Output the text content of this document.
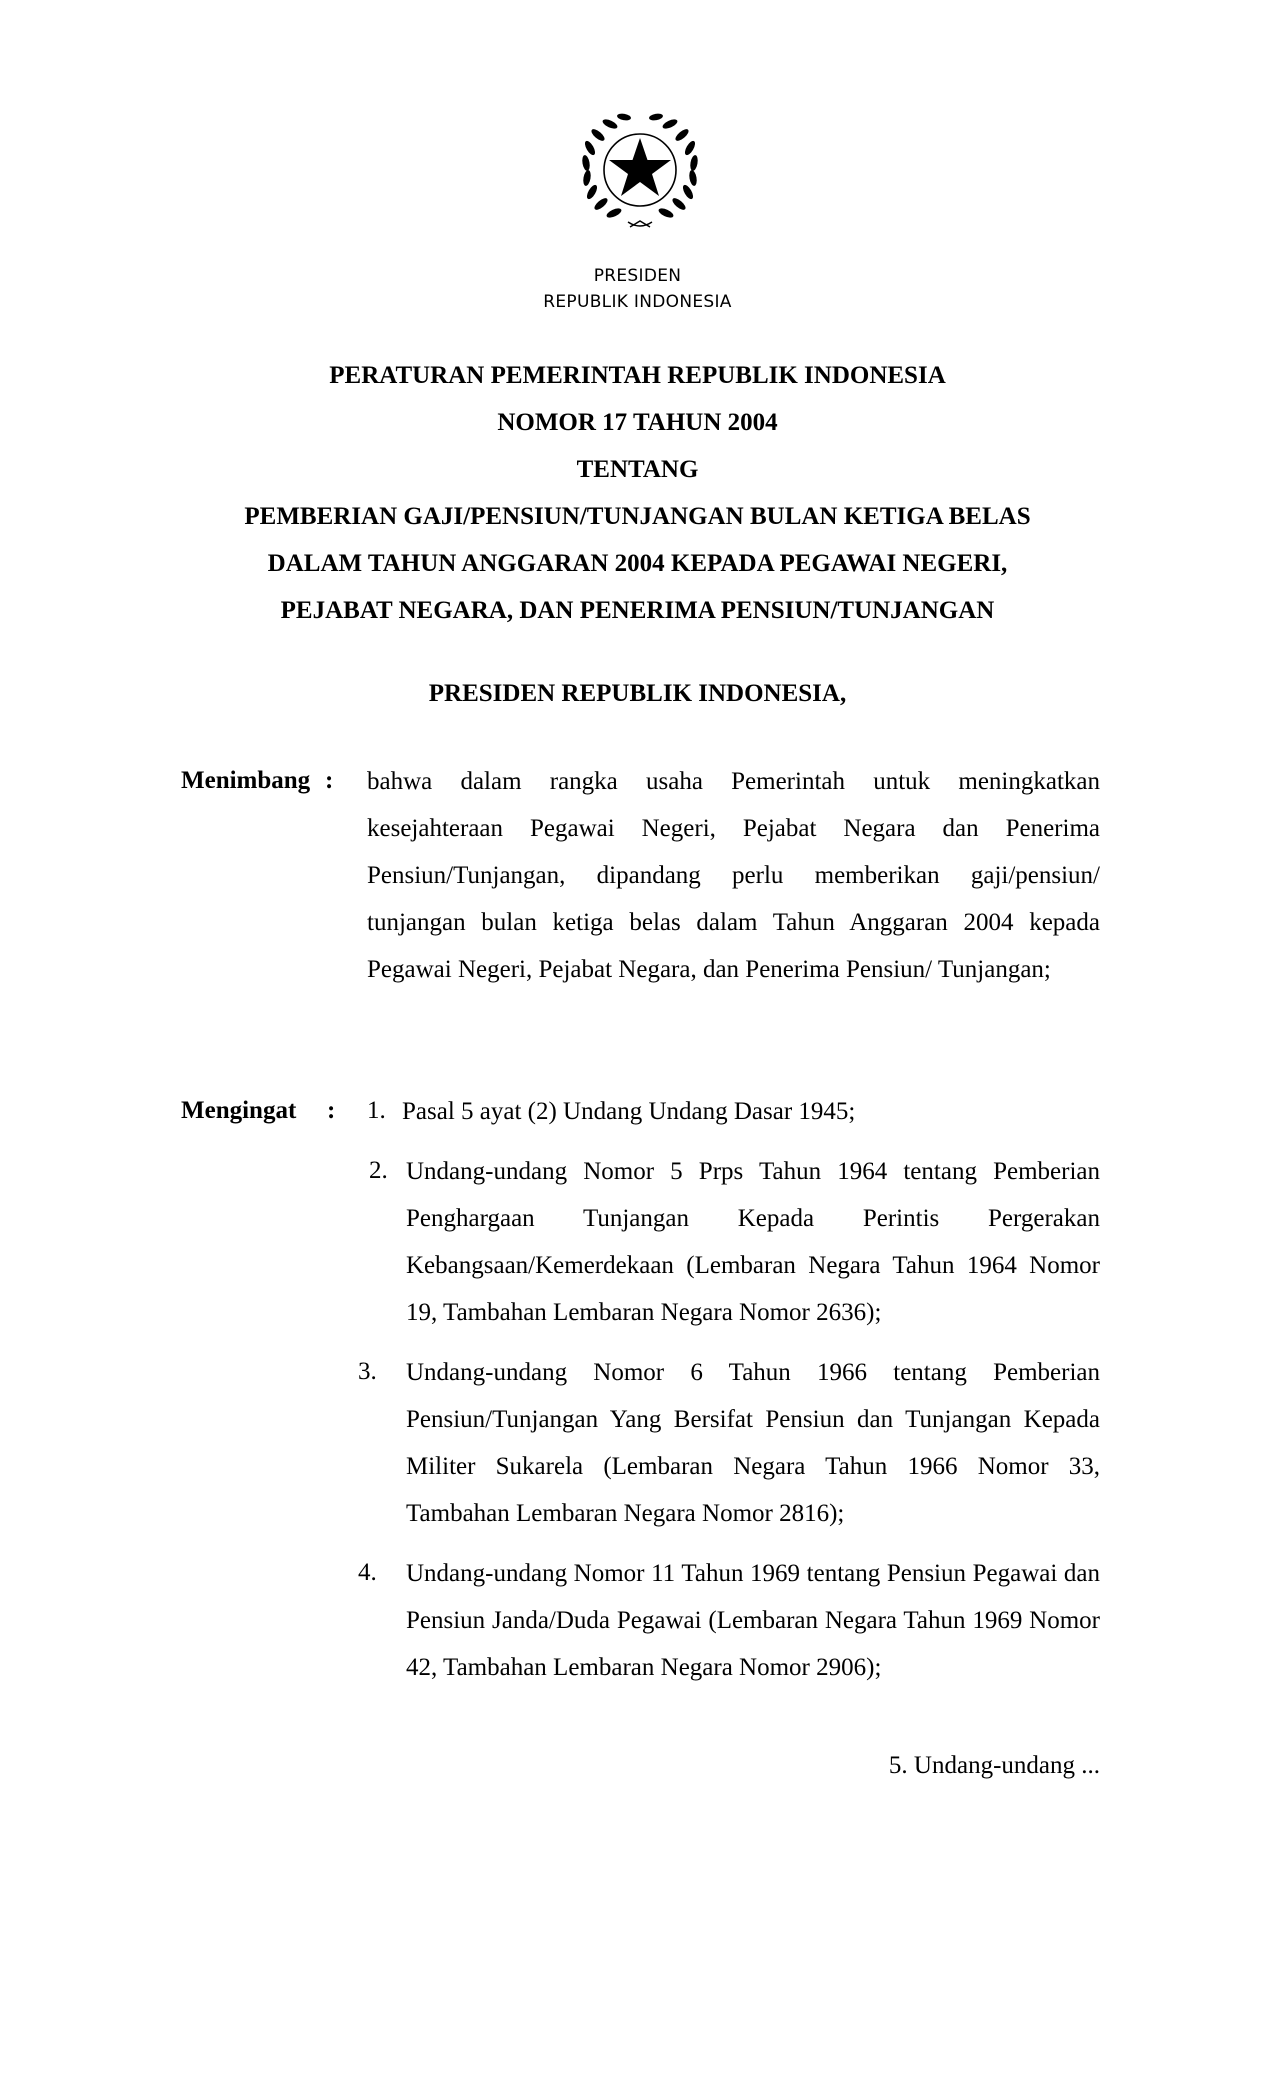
PRESIDEN
REPUBLIK INDONESIA
PERATURAN PEMERINTAH REPUBLIK INDONESIA
NOMOR 17 TAHUN 2004
TENTANG
PEMBERIAN GAJI/PENSIUN/TUNJANGAN BULAN KETIGA BELAS
DALAM TAHUN ANGGARAN 2004 KEPADA PEGAWAI NEGERI,
PEJABAT NEGARA, DAN PENERIMA PENSIUN/TUNJANGAN
PRESIDEN REPUBLIK INDONESIA,
Menimbang : bahwa dalam rangka usaha Pemerintah untuk meningkatkan kesejahteraan Pegawai Negeri, Pejabat Negara dan Penerima Pensiun/Tunjangan, dipandang perlu memberikan gaji/pensiun/ tunjangan bulan ketiga belas dalam Tahun Anggaran 2004 kepada Pegawai Negeri, Pejabat Negara, dan Penerima Pensiun/ Tunjangan;
Mengingat : 1. Pasal 5 ayat (2) Undang Undang Dasar 1945;
2. Undang-undang Nomor 5 Prps Tahun 1964 tentang Pemberian Penghargaan Tunjangan Kepada Perintis Pergerakan Kebangsaan/Kemerdekaan (Lembaran Negara Tahun 1964 Nomor 19, Tambahan Lembaran Negara Nomor 2636);
3. Undang-undang Nomor 6 Tahun 1966 tentang Pemberian Pensiun/Tunjangan Yang Bersifat Pensiun dan Tunjangan Kepada Militer Sukarela (Lembaran Negara Tahun 1966 Nomor 33, Tambahan Lembaran Negara Nomor 2816);
4. Undang-undang Nomor 11 Tahun 1969 tentang Pensiun Pegawai dan Pensiun Janda/Duda Pegawai (Lembaran Negara Tahun 1969 Nomor 42, Tambahan Lembaran Negara Nomor 2906);
5. Undang-undang ...
